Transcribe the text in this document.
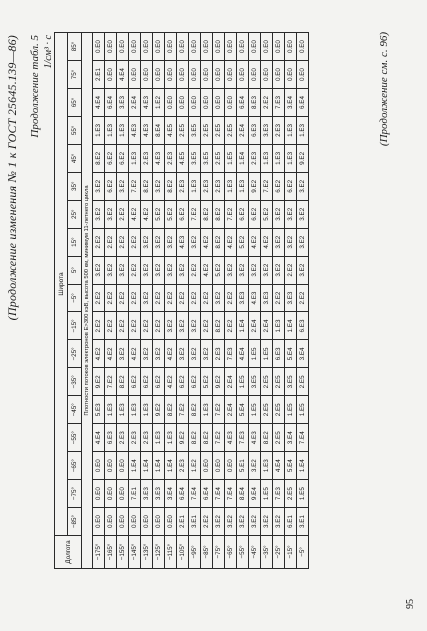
(Продолжение изменения № 1 к ГОСТ 25645.139—86) Продолжение табл. 5 1/см³ · с
Долгота	Широта																	
	−85°	−75°	−65°	−55°	−45°	−35°	−25°	−15°	−5°	5°	15°	25°	35°	45°	55°	65°	75°	85°
Плотности потоков электронов E>300 кэВ, высота 500 км, минимум 11-летнего цикла																		
−175°	0.E0	0.E0	0.E0	4.E4	5.E3	9.E2	4.E2	2.E2	2.E2	3.E2	2.E2	3.E2	3.E2	8.E2	1.E3	4.E4	2.E1	0.E0
−165°	0.E0	0.E0	0.E0	6.E3	1.E3	7.E2	4.E2	2.E2	2.E2	3.E2	2.E2	3.E2	6.E2	6.E2	1.E3	6.E4	0.E0	0.E0
−155°	0.E0	0.E0	0.E0	2.E3	1.E3	8.E2	3.E2	2.E2	2.E2	3.E2	2.E2	2.E2	3.E2	6.E2	1.E3	3.E3	4.E4	0.E0
−145°	0.E0	7.E1	1.E4	2.E3	1.E3	6.E2	4.E2	2.E2	2.E2	2.E2	2.E2	4.E2	7.E2	1.E3	4.E3	2.E4	0.E0	0.E0
−135°	0.E0	3.E3	1.E4	2.E3	1.E3	6.E2	3.E2	2.E2	3.E2	3.E2	3.E2	4.E2	8.E2	2.E3	4.E3	4.E3	0.E0	0.E0
−125°	0.E0	3.E3	1.E4	1.E3	9.E2	6.E2	3.E2	2.E2	2.E2	3.E2	3.E2	5.E2	3.E2	4.E3	8.E4	1.E2	0.E0	0.E0
−115°	0.E0	3.E4	1.E4	1.E3	8.E2	4.E2	4.E2	3.E2	2.E2	3.E2	3.E2	5.E2	8.E2	2.E3	4.E5	0.E0	0.E0	0.E0
−105°	2.E1	6.E4	2.E3	9.E2	7.E2	6.E2	3.E2	3.E2	2.E2	3.E2	4.E3	6.E2	2.E3	4.E5	2.E5	0.E0	0.E0	0.E0
−95°	3.E1	7.E4	1.E2	8.E2	8.E2	6.E2	3.E2	3.E2	2.E2	2.E2	3.E2	7.E2	1.E3	3.E5	3.E5	0.E0	0.E0	0.E0
−85°	2.E2	6.E4	0.E0	8.E2	1.E3	5.E2	3.E2	2.E2	2.E2	4.E2	4.E2	8.E2	2.E3	3.E5	2.E5	0.E0	0.E0	0.E0
−75°	3.E2	7.E4	0.E0	7.E2	7.E2	9.E2	2.E3	8.E2	3.E2	5.E2	8.E2	8.E2	2.E3	2.E5	2.E5	0.E0	0.E0	0.E0
−65°	3.E2	7.E4	0.E0	4.E3	2.E4	2.E4	7.E3	2.E2	2.E2	3.E2	4.E2	7.E2	1.E3	1.E5	2.E5	0.E0	0.E0	0.E0
−55°	3.E2	8.E4	5.E1	7.E3	5.E4	1.E5	4.E4	1.E4	3.E3	3.E2	5.E2	6.E2	1.E3	1.E4	2.E4	6.E4	0.E0	0.E0
−45°	3.E2	9.E4	3.E2	4.E3	1.E5	3.E5	1.E5	2.E4	4.E3	3.E2	4.E2	6.E2	9.E2	2.E3	6.E3	8.E3	0.E0	0.E0
−35°	3.E2	1.E5	1.E3	8.E2	2.E5	2.E5	1.E5	2.E4	3.E3	3.E2	4.E2	5.E2	7.E2	1.E3	3.E3	2.E2	0.E0	0.E0
−25°	3.E2	7.E3	4.E4	2.E5	2.E5	2.E5	6.E3	1.E3	2.E2	3.E2	3.E2	3.E2	6.E2	1.E3	2.E3	7.E3	0.E0	0.E0
−15°	6.E1	2.E5	5.E4	3.E4	1.E5	3.E5	5.E4	1.E4	3.E3	2.E2	3.E2	3.E2	6.E2	1.E3	1.E3	3.E4	0.E0	0.E0
−5°	3.E1	1.E5	1.E4	7.E4	1.E5	2.E5	3.E4	6.E3	2.E2	3.E2	3.E2	3.E2	3.E2	9.E2	1.E3	6.E4	0.E0	0.E0	(Продолжение см. с. 96)
95
